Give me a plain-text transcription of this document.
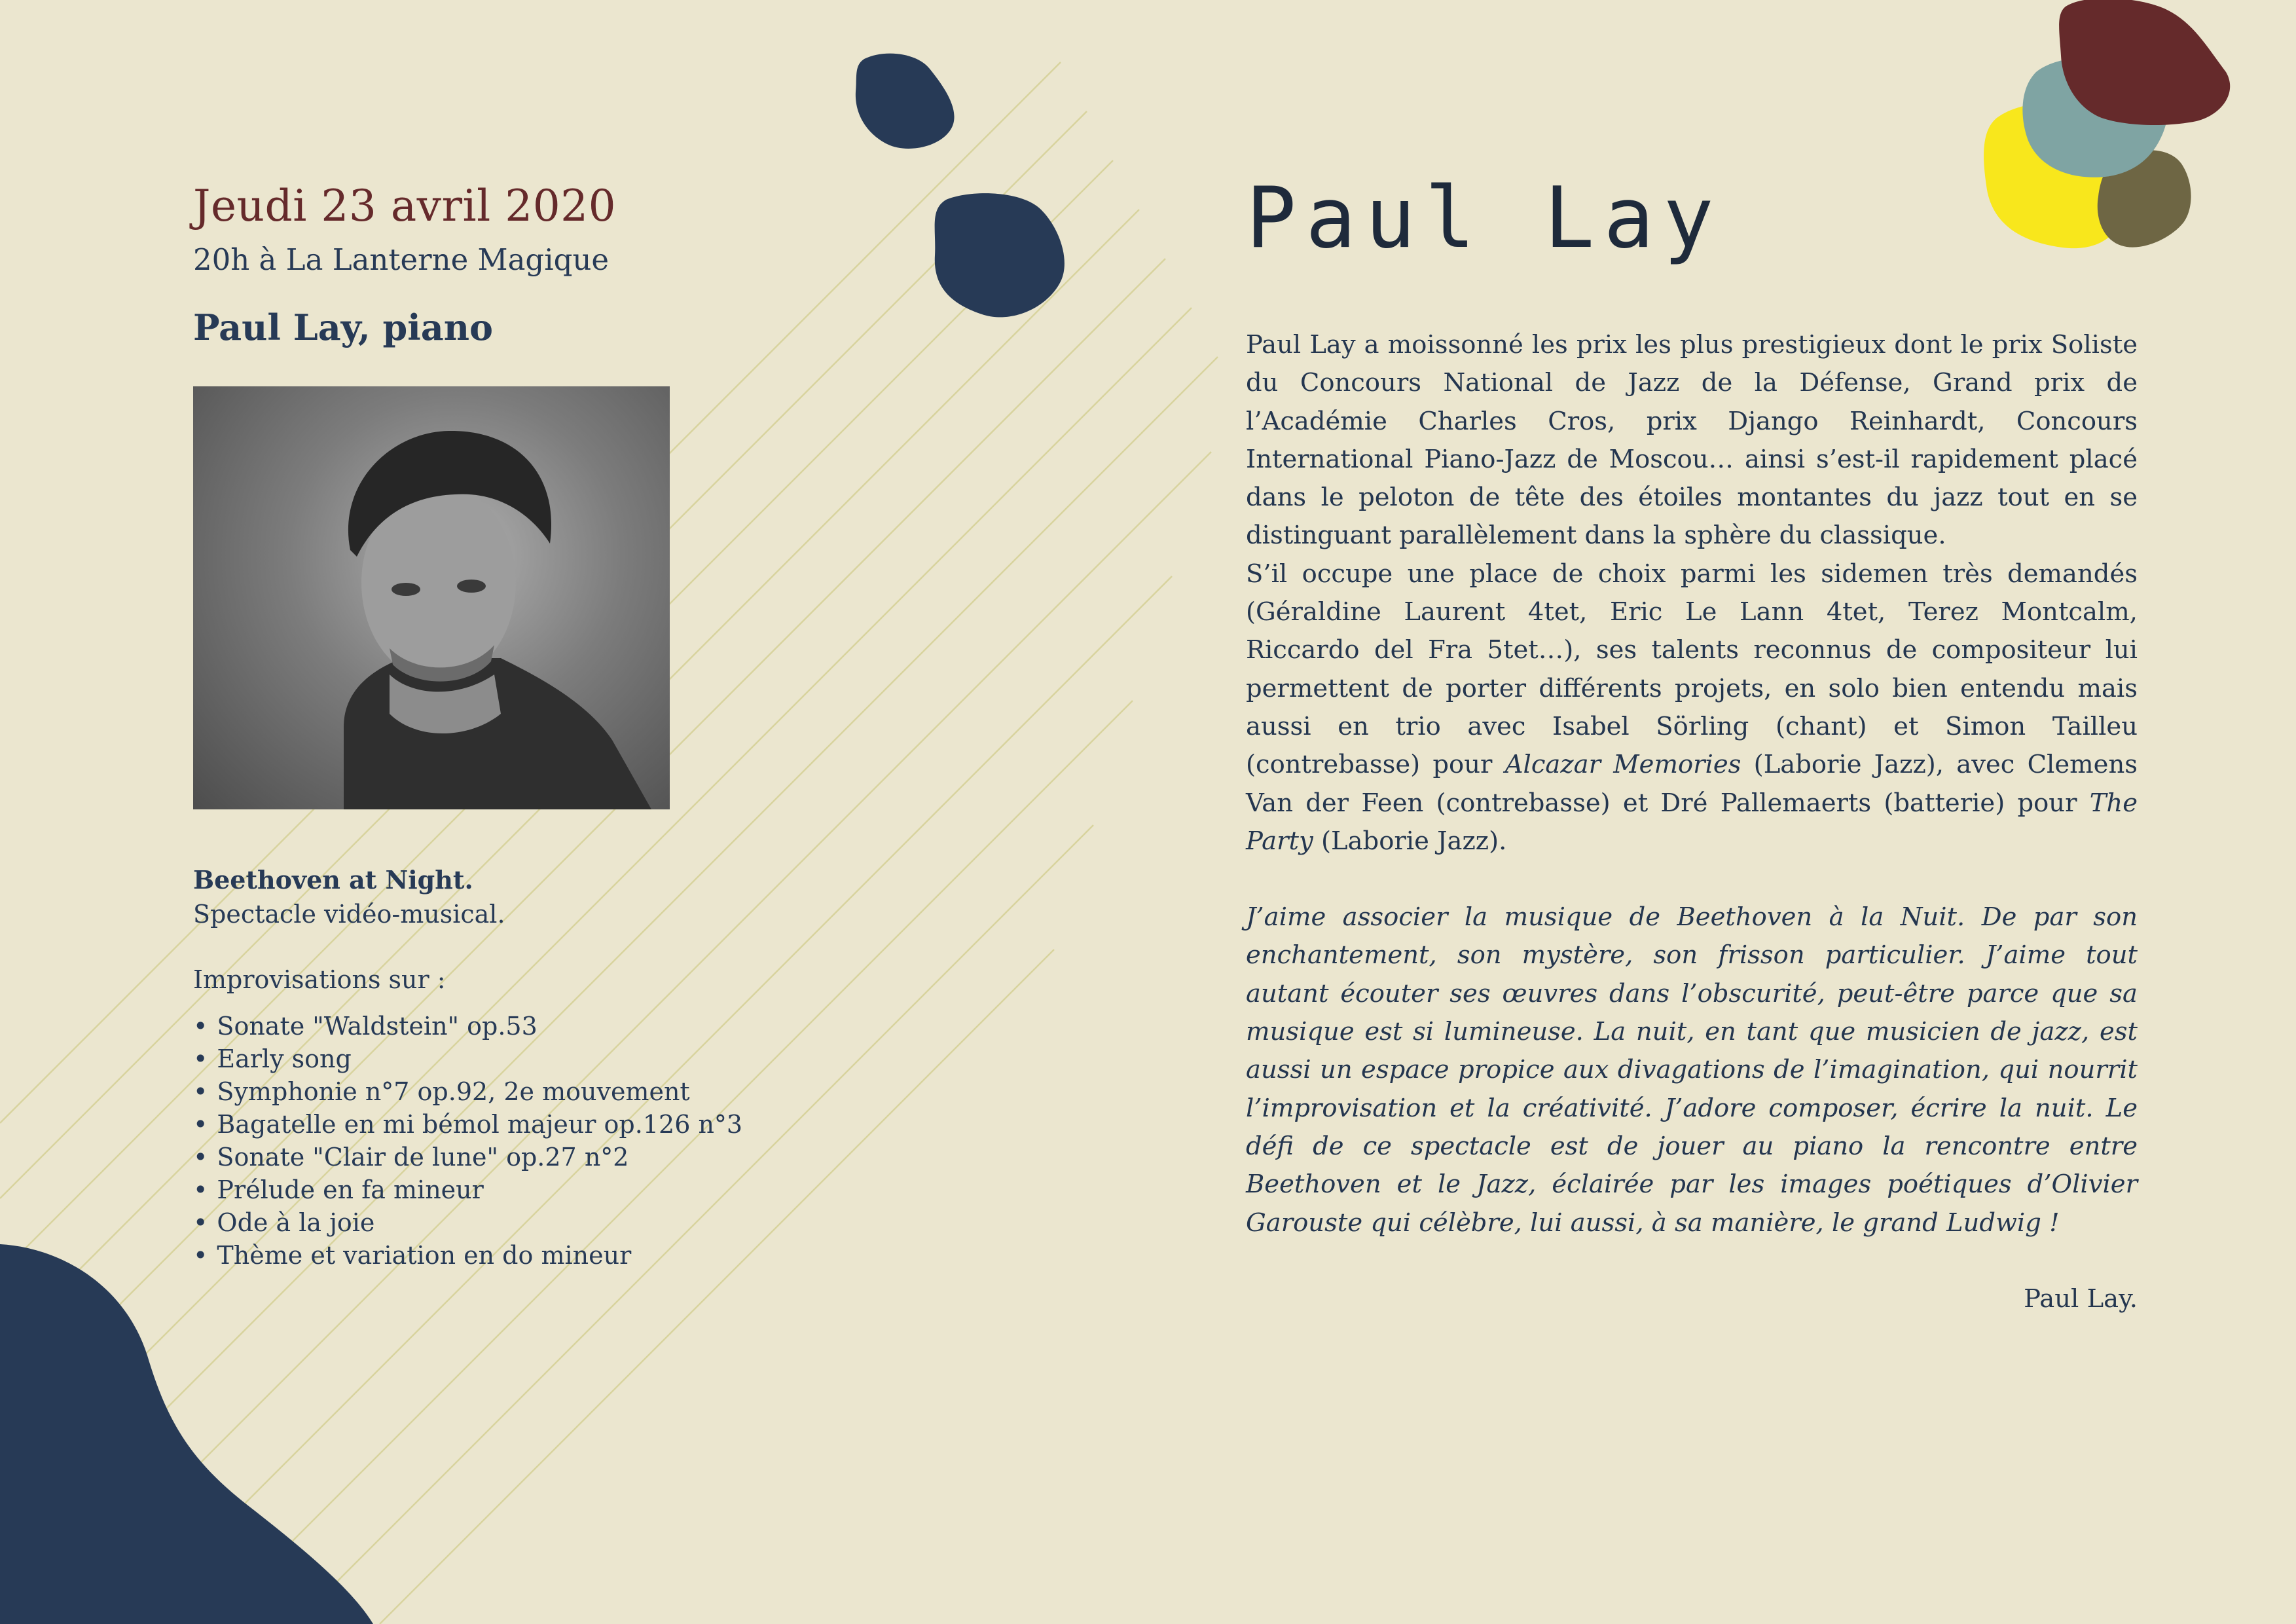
Jeudi 23 avril 2020
20h à La Lanterne Magique
Paul Lay, piano
Beethoven at Night.
Spectacle vidéo-musical.
Improvisations sur :
• Sonate "Waldstein" op.53
• Early song
• Symphonie n°7 op.92, 2e mouvement
• Bagatelle en mi bémol majeur op.126 n°3
• Sonate "Clair de lune" op.27 n°2
• Prélude en fa mineur
• Ode à la joie
• Thème et variation en do mineur
Paul Lay

Paul Lay a moissonné les prix les plus prestigieux dont le prix Soliste du Concours National de Jazz de la Défense, Grand prix de l’Académie Charles Cros, prix Django Reinhardt, Concours International Piano-Jazz de Moscou… ainsi s’est-il rapidement placé dans le peloton de tête des étoiles montantes du jazz tout en se distinguant parallèlement dans la sphère du classique.

S’il occupe une place de choix parmi les sidemen très demandés (Géraldine Laurent 4tet, Eric Le Lann 4tet, Terez Montcalm, Riccardo del Fra 5tet…), ses talents reconnus de compositeur lui permettent de porter différents projets, en solo bien entendu mais aussi en trio avec Isabel Sörling (chant) et Simon Tailleu (contrebasse) pour Alcazar Memories (Laborie Jazz), avec Clemens Van der Feen (contrebasse) et Dré Pallemaerts (batterie) pour The Party (Laborie Jazz).

J’aime associer la musique de Beethoven à la Nuit. De par son enchantement, son mystère, son frisson particulier. J’aime tout autant écouter ses œuvres dans l’obscurité, peut-être parce que sa musique est si lumineuse. La nuit, en tant que musicien de jazz, est aussi un espace propice aux divagations de l’imagination, qui nourrit l’improvisation et la créativité. J’adore composer, écrire la nuit. Le défi de ce spectacle est de jouer au piano la rencontre entre Beethoven et le Jazz, éclairée par les images poétiques d’Olivier Garouste qui célèbre, lui aussi, à sa manière, le grand Ludwig !

Paul Lay.
